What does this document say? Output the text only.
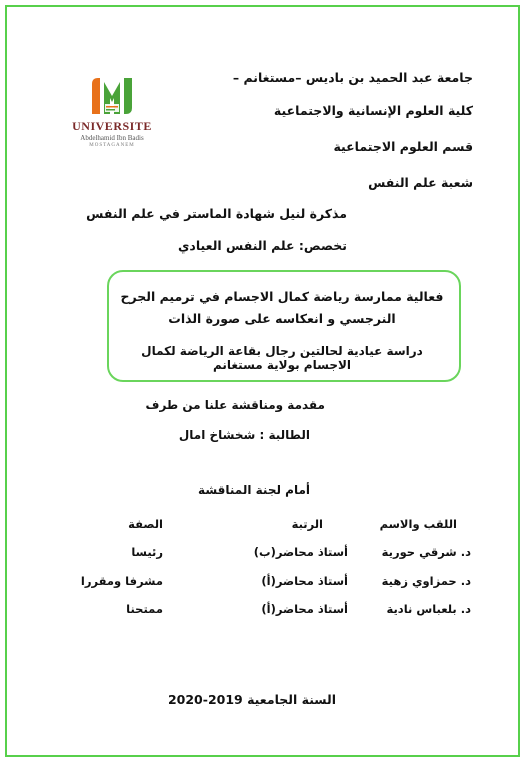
جامعة عبد الحميد بن باديس –مستغانم –
كلية العلوم الإنسانية والاجتماعية
قسم العلوم الاجتماعية
شعبة علم النفس
مذكرة لنيل شهادة الماستر في علم النفس
تخصص: علم النفس العيادي
UNIVERSITE
Abdelhamid Ibn Badis
MOSTAGANEM
فعالية ممارسة رياضة كمال الاجسام في ترميم الجرح النرجسي و انعكاسه على صورة الذات
دراسة عيادية لحالتين رجال بقاعة الرياضة لكمال الاجسام بولاية مستغانم
مقدمة ومناقشة علنا من طرف
الطالبة : شخشاخ امال
أمام لجنة المناقشة
اللقب والاسم
الرتبة
الصفة
د. شرقي حورية
أستاذ محاضر(ب)
رئيسا
د. حمزاوي زهية
أستاذ محاضر(أ)
مشرفا ومقررا
د. بلعباس نادية
أستاذ محاضر(أ)
ممتحنا
السنة الجامعية 2019-2020
